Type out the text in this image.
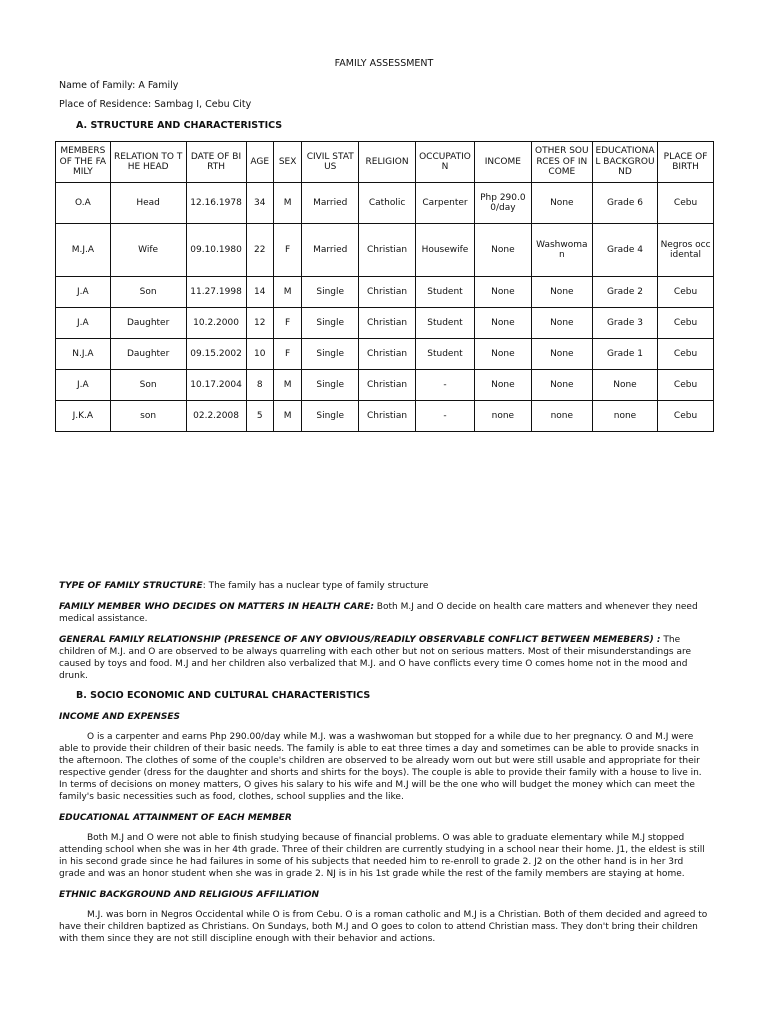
FAMILY ASSESSMENT
Name of Family: A Family
Place of Residence: Sambag I, Cebu City
A. STRUCTURE AND CHARACTERISTICS
MEMBERS OF THE FAMILY	RELATION TO THE HEAD	DATE OF BIRTH	AGE	SEX	CIVIL STATUS	RELIGION	OCCUPATION	INCOME	OTHER SOURCES OF INCOME	EDUCATIONAL BACKGROUND	PLACE OF BIRTH
O.A	Head	12.16.1978	34	M	Married	Catholic	Carpenter	Php 290.00/day	None	Grade 6	Cebu
M.J.A	Wife	09.10.1980	22	F	Married	Christian	Housewife	None	Washwoman	Grade 4	Negros occidental
J.A	Son	11.27.1998	14	M	Single	Christian	Student	None	None	Grade 2	Cebu
J.A	Daughter	10.2.2000	12	F	Single	Christian	Student	None	None	Grade 3	Cebu
N.J.A	Daughter	09.15.2002	10	F	Single	Christian	Student	None	None	Grade 1	Cebu
J.A	Son	10.17.2004	8	M	Single	Christian	-	None	None	None	Cebu
J.K.A	son	02.2.2008	5	M	Single	Christian	-	none	none	none	Cebu
TYPE OF FAMILY STRUCTURE: The family has a nuclear type of family structure
FAMILY MEMBER WHO DECIDES ON MATTERS IN HEALTH CARE: Both M.J and O decide on health care matters and whenever they need medical assistance.
GENERAL FAMILY RELATIONSHIP (PRESENCE OF ANY OBVIOUS/READILY OBSERVABLE CONFLICT BETWEEN MEMEBERS) : The children of M.J. and O are observed to be always quarreling with each other but not on serious matters. Most of their misunderstandings are caused by toys and food. M.J and her children also verbalized that M.J. and O have conflicts every time O comes home not in the mood and drunk.
B. SOCIO ECONOMIC AND CULTURAL CHARACTERISTICS
INCOME AND EXPENSES
O is a carpenter and earns Php 290.00/day while M.J. was a washwoman but stopped for a while due to her pregnancy. O and M.J were able to provide their children of their basic needs. The family is able to eat three times a day and sometimes can be able to provide snacks in the afternoon. The clothes of some of the couple's children are observed to be already worn out but were still usable and appropriate for their respective gender (dress for the daughter and shorts and shirts for the boys). The couple is able to provide their family with a house to live in. In terms of decisions on money matters, O gives his salary to his wife and M.J will be the one who will budget the money which can meet the family's basic necessities such as food, clothes, school supplies and the like.
EDUCATIONAL ATTAINMENT OF EACH MEMBER
Both M.J and O were not able to finish studying because of financial problems. O was able to graduate elementary while M.J stopped attending school when she was in her 4th grade. Three of their children are currently studying in a school near their home. J1, the eldest is still in his second grade since he had failures in some of his subjects that needed him to re-enroll to grade 2. J2 on the other hand is in her 3rd grade and was an honor student when she was in grade 2. NJ is in his 1st grade while the rest of the family members are staying at home.
ETHNIC BACKGROUND AND RELIGIOUS AFFILIATION
M.J. was born in Negros Occidental while O is from Cebu. O is a roman catholic and M.J is a Christian. Both of them decided and agreed to have their children baptized as Christians. On Sundays, both M.J and O goes to colon to attend Christian mass. They don't bring their children with them since they are not still discipline enough with their behavior and actions.
